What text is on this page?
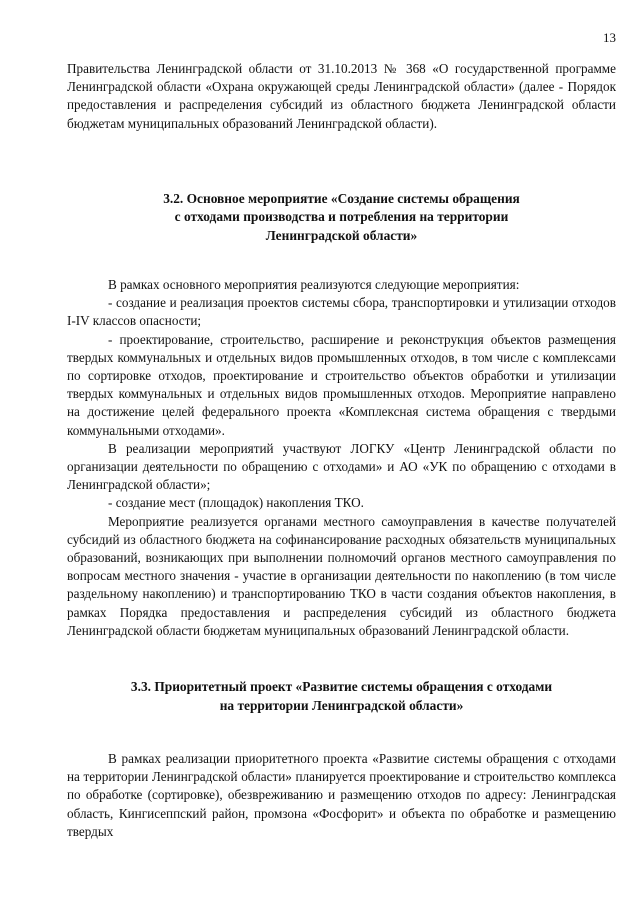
13

Правительства Ленинградской области от 31.10.2013 № 368 «О государственной программе Ленинградской области «Охрана окружающей среды Ленинградской области» (далее - Порядок предоставления и распределения субсидий из областного бюджета Ленинградской области бюджетам муниципальных образований Ленинградской области).

3.2. Основное мероприятие «Создание системы обращения
с отходами производства и потребления на территории
Ленинградской области»

В рамках основного мероприятия реализуются следующие мероприятия:

- создание и реализация проектов системы сбора, транспортировки и утилизации отходов I-IV классов опасности;

- проектирование, строительство, расширение и реконструкция объектов размещения твердых коммунальных и отдельных видов промышленных отходов, в том числе с комплексами по сортировке отходов, проектирование и строительство объектов обработки и утилизации твердых коммунальных и отдельных видов промышленных отходов. Мероприятие направлено на достижение целей федерального проекта «Комплексная система обращения с твердыми коммунальными отходами».

В реализации мероприятий участвуют ЛОГКУ «Центр Ленинградской области по организации деятельности по обращению с отходами» и АО «УК по обращению с отходами в Ленинградской области»;

- создание мест (площадок) накопления ТКО.

Мероприятие реализуется органами местного самоуправления в качестве получателей субсидий из областного бюджета на софинансирование расходных обязательств муниципальных образований, возникающих при выполнении полномочий органов местного самоуправления по вопросам местного значения - участие в организации деятельности по накоплению (в том числе раздельному накоплению) и транспортированию ТКО в части создания объектов накопления, в рамках Порядка предоставления и распределения субсидий из областного бюджета Ленинградской области бюджетам муниципальных образований Ленинградской области.

3.3. Приоритетный проект «Развитие системы обращения с отходами
на территории Ленинградской области»

В рамках реализации приоритетного проекта «Развитие системы обращения с отходами на территории Ленинградской области» планируется проектирование и строительство комплекса по обработке (сортировке), обезвреживанию и размещению отходов по адресу: Ленинградская область, Кингисеппский район, промзона «Фосфорит» и объекта по обработке и размещению твердых
